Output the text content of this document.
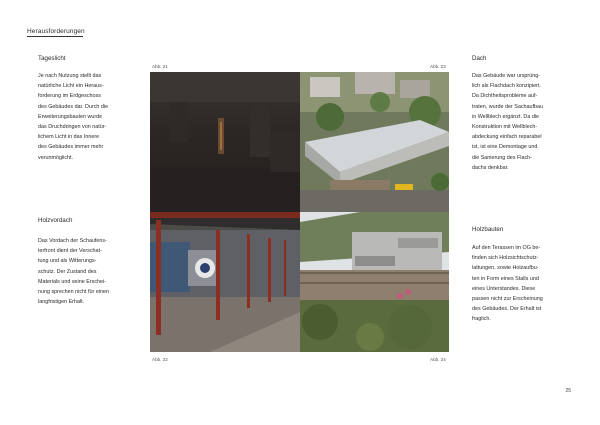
Herausforderungen
Tageslicht
Je nach Nutzung stellt das
natürliche Licht ein Heraus-
forderung im Erdgeschoss
des Gebäudes dar. Durch die
Erweiterungsbauten wurde
das Druchdringen von natür-
lichem Licht in das Innere
des Gebäudes immer mehr
verunmöglicht.
Holzvordach
Das Vordach der Schaufens-
terfront dient der Verschat-
tung und als Witterungs-
schutz. Der Zustand des
Materials und seine Erschei-
nung sprechen nicht für einen
langfristigen Erhalt.
Dach
Das Gebäude war ursprüng-
lich als Flachdach konzipiert.
Da Dichtheitsprobleme auf-
traten, wurde der Sachaufbau
in Wellblech ergänzt. Da die
Konstruktion mit Wellblech-
abdeckung einfach reparabel
ist, ist eine Demontage und
die Sanierung des Flach-
dachs denkbar.
Holzbauten
Auf den Terassen im OG be-
finden sich Holzsichtschutz-
lattungen, sowie Holzaufbu-
ten in Form eines Stalls und
eines Unterstandes. Diese
passen nicht zur Erscheinung
des Gebäudes. Der Erhalt ist
fraglich.
Abb. 21	Abb. 23
Abb. 22	Abb. 24
25
